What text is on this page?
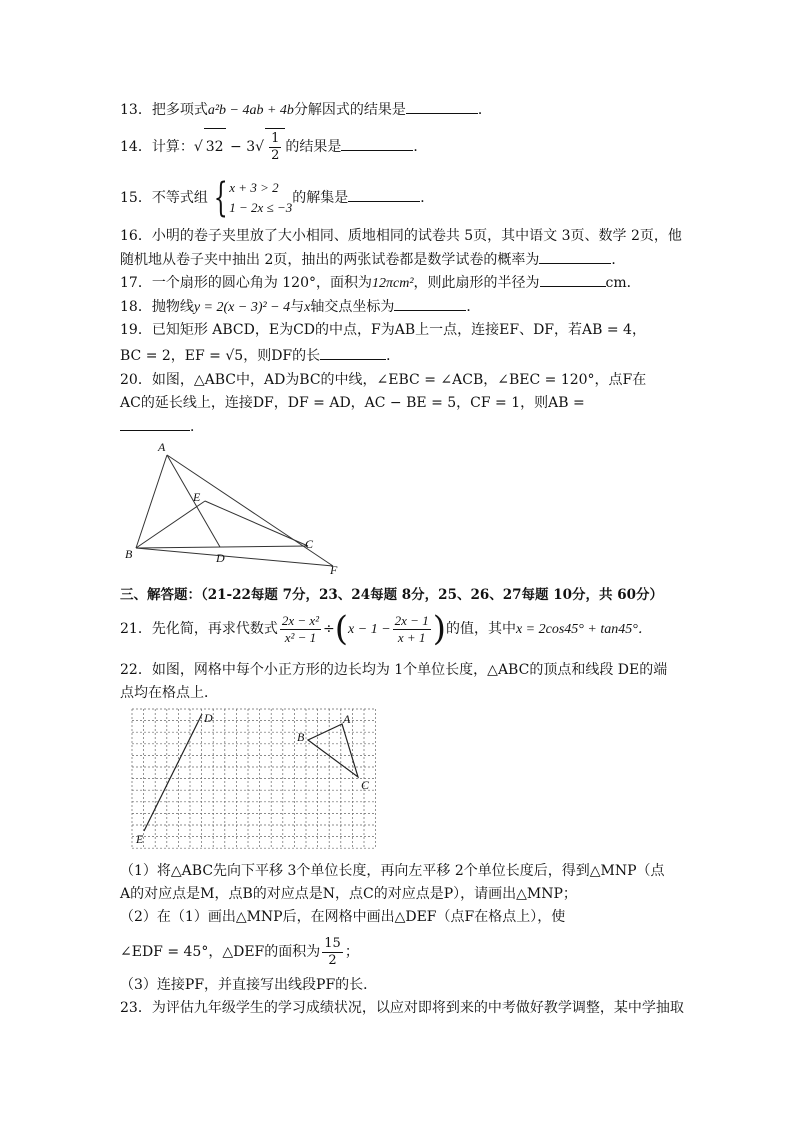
13．把多项式a²b − 4ab + 4b分解因式的结果是	．
14．计算：√ $32 - 3√ \frac{1}{2}$ 的结果是	．
15．不等式组 { x + 3 > 2
1 − 2x ≤ −3
的解集是	．
16．小明的卷子夹里放了大小相同、质地相同的试卷共 5页，其中语文 3页、数学 2页，他
随机地从卷子夹中抽出 2页，抽出的两张试卷都是数学试卷的概率为	．
17．一个扇形的圆心角为 120°，面积为12πcm²，则此扇形的半径为	cm．
18．抛物线y = 2(x − 3)² − 4与x轴交点坐标为	．
19．已知矩形 ABCD，E为CD的中点，F为AB上一点，连接EF、DF，若AB = 4，
BC = 2，EF = √5，则DF的长	．
20．如图，△ABC中，AD为BC的中线，∠EBC = ∠ACB，∠BEC = 120°，点F在
AC的延长线上，连接DF，DF = AD，AC − BE = 5，CF = 1，则AB =
．
A
B
C
D
E
F
三、解答题：（21-22每题 7分，23、24每题 8分，25、26、27每题 10分，共 60分）
21．先化简，再求代数式 $\frac{\text{2x − x²}}{\text{x² − 1}} \div(x - 1 - \frac{2x - 1}{x + 1}$ )的值，其中x = 2cos45° + tan45°．
22．如图，网格中每个小正方形的边长均为 1个单位长度，△ABC的顶点和线段 DE的端
点均在格点上．
D
E
A
B
C
（1）将△ABC先向下平移 3个单位长度，再向左平移 2个单位长度后，得到△MNP（点
A的对应点是M，点B的对应点是N，点C的对应点是P），请画出△MNP；
（2）在（1）画出△MNP后，在网格中画出△DEF（点F在格点上），使
∠EDF = 45°，△DEF的面积为 $\frac{15}{2}$ ；
（3）连接PF，并直接写出线段PF的长．
23．为评估九年级学生的学习成绩状况，以应对即将到来的中考做好教学调整，某中学抽取
